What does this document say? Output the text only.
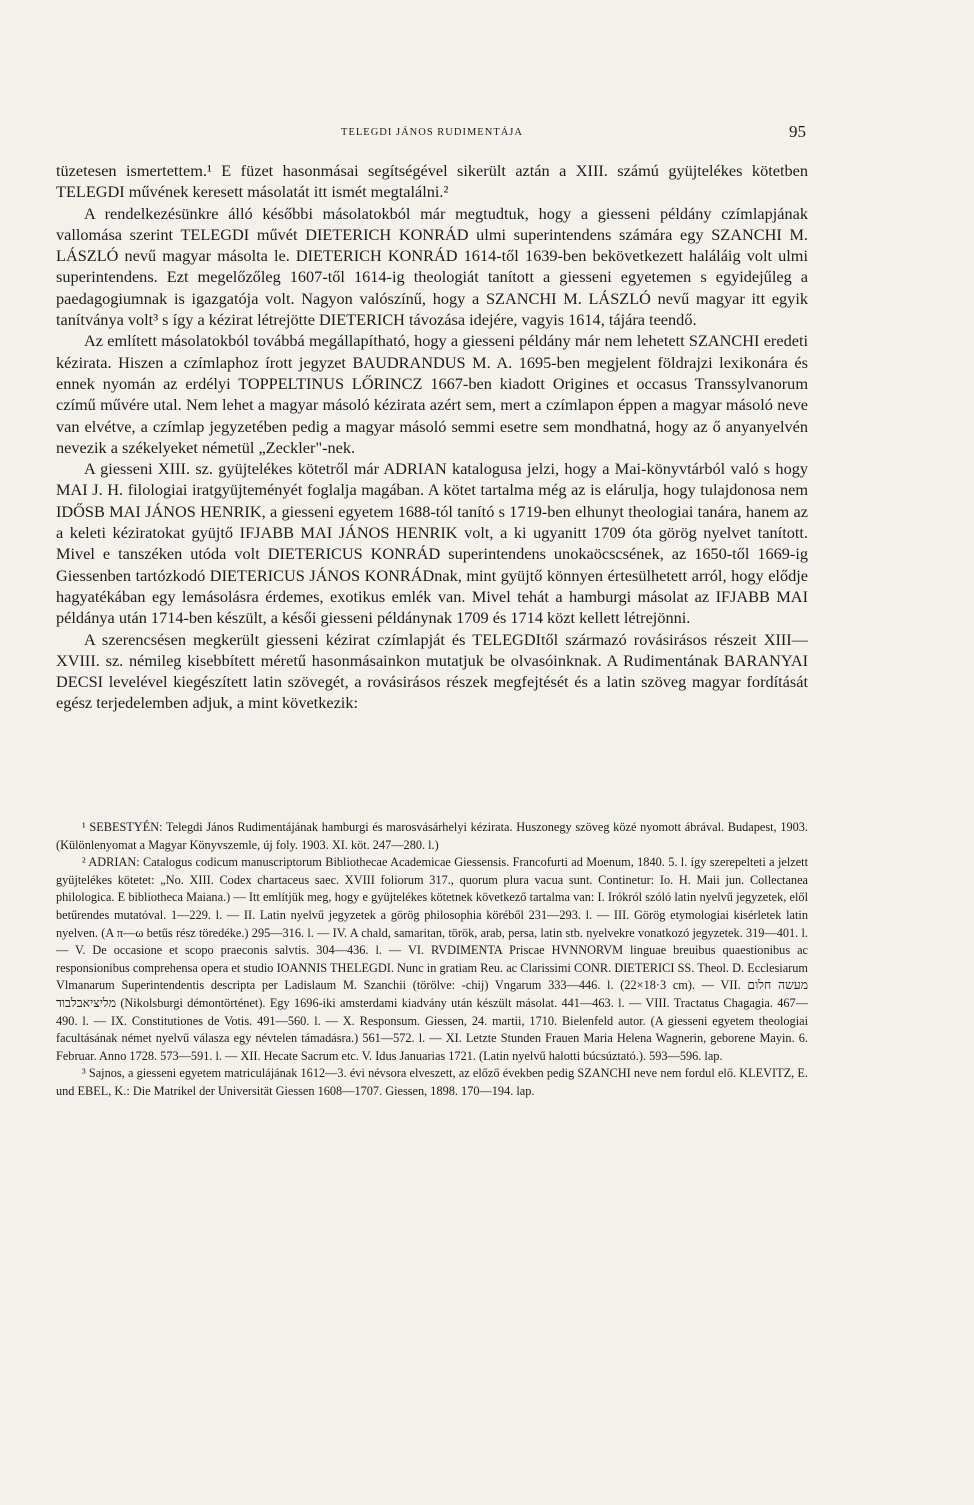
TELEGDI JÁNOS RUDIMENTÁJA	95

tüzetesen ismertettem.¹ E füzet hasonmásai segítségével sikerült aztán a XIII. számú gyüjtelékes kötetben TELEGDI művének keresett másolatát itt ismét megtalálni.²

A rendelkezésünkre álló későbbi másolatokból már megtudtuk, hogy a giesseni példány czímlapjának vallomása szerint TELEGDI művét DIETERICH KONRÁD ulmi superintendens számára egy SZANCHI M. LÁSZLÓ nevű magyar másolta le. DIETERICH KONRÁD 1614-től 1639-ben bekövetkezett haláláig volt ulmi superintendens. Ezt megelőzőleg 1607-től 1614-ig theologiát tanított a giesseni egyetemen s egyidejűleg a paedagogiumnak is igazgatója volt. Nagyon valószínű, hogy a SZANCHI M. LÁSZLÓ nevű magyar itt egyik tanítványa volt³ s így a kézirat létrejötte DIETERICH távozása idejére, vagyis 1614, tájára teendő.

Az említett másolatokból továbbá megállapítható, hogy a giesseni példány már nem lehetett SZANCHI eredeti kézirata. Hiszen a czímlaphoz írott jegyzet BAUDRANDUS M. A. 1695-ben megjelent földrajzi lexikonára és ennek nyomán az erdélyi TOPPELTINUS LŐRINCZ 1667-ben kiadott Origines et occasus Transsylvanorum czímű művére utal. Nem lehet a magyar másoló kézirata azért sem, mert a czímlapon éppen a magyar másoló neve van elvétve, a czímlap jegyzetében pedig a magyar másoló semmi esetre sem mondhatná, hogy az ő anyanyelvén nevezik a székelyeket németül „Zeckler"-nek.

A giesseni XIII. sz. gyüjtelékes kötetről már ADRIAN katalogusa jelzi, hogy a Mai-könyvtárból való s hogy MAI J. H. filologiai iratgyüjteményét foglalja magában. A kötet tartalma még az is elárulja, hogy tulajdonosa nem IDŐSB MAI JÁNOS HENRIK, a giesseni egyetem 1688-tól tanító s 1719-ben elhunyt theologiai tanára, hanem az a keleti kéziratokat gyüjtő IFJABB MAI JÁNOS HENRIK volt, a ki ugyanitt 1709 óta görög nyelvet tanított. Mivel e tanszéken utóda volt DIETERICUS KONRÁD superintendens unokaöcscsének, az 1650-től 1669-ig Giessenben tartózkodó DIETERICUS JÁNOS KONRÁDnak, mint gyüjtő könnyen értesülhetett arról, hogy elődje hagyatékában egy lemásolásra érdemes, exotikus emlék van. Mivel tehát a hamburgi másolat az IFJABB MAI példánya után 1714-ben készült, a késői giesseni példánynak 1709 és 1714 közt kellett létrejönni.

A szerencsésen megkerült giesseni kézirat czímlapját és TELEGDItől származó rovásirásos részeit XIII—XVIII. sz. némileg kisebbített méretű hasonmásainkon mutatjuk be olvasóinknak. A Rudimentának BARANYAI DECSI levelével kiegészített latin szövegét, a rovásirásos részek megfejtését és a latin szöveg magyar fordítását egész terjedelemben adjuk, a mint következik:

¹ SEBESTYÉN: Telegdi János Rudimentájának hamburgi és marosvásárhelyi kézirata. Huszonegy szöveg közé nyomott ábrával. Budapest, 1903. (Különlenyomat a Magyar Könyvszemle, új foly. 1903. XI. köt. 247—280. l.)

² ADRIAN: Catalogus codicum manuscriptorum Bibliothecae Academicae Giessensis. Francofurti ad Moenum, 1840. 5. l. így szerepelteti a jelzett gyüjtelékes kötetet: „No. XIII. Codex chartaceus saec. XVIII foliorum 317., quorum plura vacua sunt. Continetur: Io. H. Maii jun. Collectanea philologica. E bibliotheca Maiana.) — Itt említjük meg, hogy e gyüjtelékes kötetnek következő tartalma van: I. Irókról szóló latin nyelvű jegyzetek, elől betűrendes mutatóval. 1—229. l. — II. Latin nyelvű jegyzetek a görög philosophia köréből 231—293. l. — III. Görög etymologiai kisérletek latin nyelven. (A π—ω betűs rész töredéke.) 295—316. l. — IV. A chald, samaritan, török, arab, persa, latin stb. nyelvekre vonatkozó jegyzetek. 319—401. l. — V. De occasione et scopo praeconis salvtis. 304—436. l. — VI. RVDIMENTA Priscae HVNNORVM linguae breuibus quaestionibus ac responsionibus comprehensa opera et studio IOANNIS THELEGDI. Nunc in gratiam Reu. ac Clarissimi CONR. DIETERICI SS. Theol. D. Ecclesiarum Vlmanarum Superintendentis descripta per Ladislaum M. Szanchii (törölve: -chij) Vngarum 333—446. l. (22×18·3 cm). — VII. מעשה חלום מליציאבלבוד (Nikolsburgi démontörténet). Egy 1696-iki amsterdami kiadvány után készült másolat. 441—463. l. — VIII. Tractatus Chagagia. 467—490. l. — IX. Constitutiones de Votis. 491—560. l. — X. Responsum. Giessen, 24. martii, 1710. Bielenfeld autor. (A giesseni egyetem theologiai facultásának német nyelvű válasza egy névtelen támadásra.) 561—572. l. — XI. Letzte Stunden Frauen Maria Helena Wagnerin, geborene Mayin. 6. Februar. Anno 1728. 573—591. l. — XII. Hecate Sacrum etc. V. Idus Januarias 1721. (Latin nyelvű halotti búcsúztató.). 593—596. lap.

³ Sajnos, a giesseni egyetem matriculájának 1612—3. évi névsora elveszett, az előző években pedig SZANCHI neve nem fordul elő. KLEVITZ, E. und EBEL, K.: Die Matrikel der Universität Giessen 1608—1707. Giessen, 1898. 170—194. lap.
